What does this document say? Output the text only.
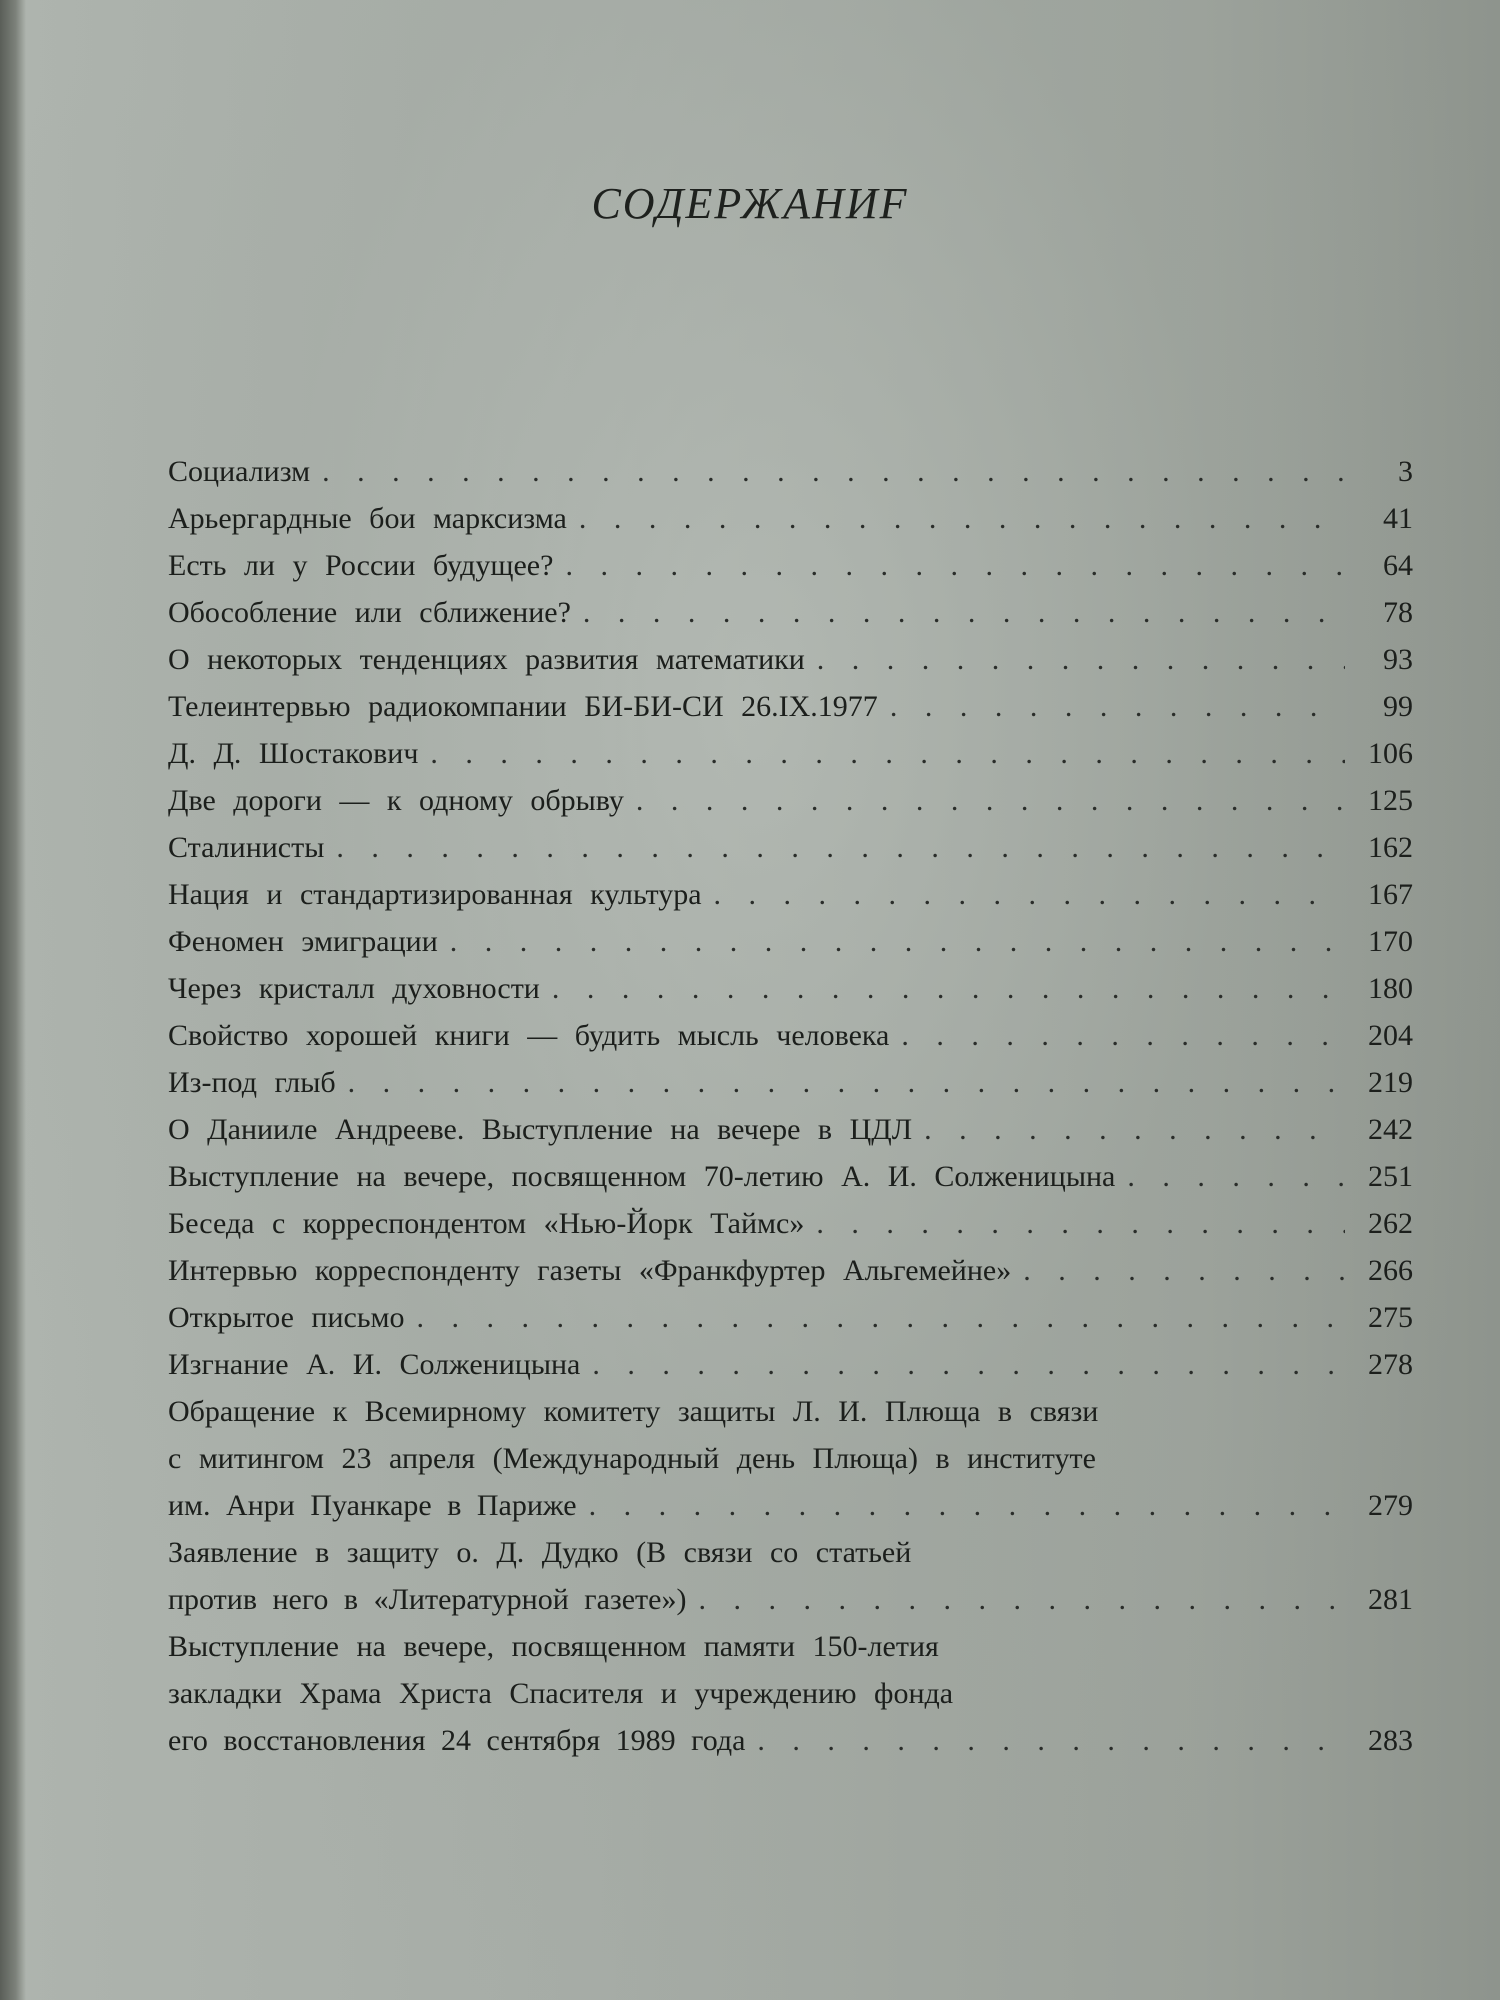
СОДЕРЖАНИF
Социализм . . .	3
Арьергардные бои марксизма . . .	41
Есть ли у России будущее? . . .	64
Обособление или сближение? . . .	78
О некоторых тенденциях развития математики . . .	93
Телеинтервью радиокомпании БИ-БИ-СИ 26.IX.1977 . . .	99
Д. Д. Шостакович . . .	106
Две дороги — к одному обрыву . . .	125
Сталинисты . . .	162
Нация и стандартизированная культура . . .	167
Феномен эмиграции . . .	170
Через кристалл духовности . . .	180
Свойство хорошей книги — будить мысль человека . . .	204
Из-под глыб . . .	219
О Данииле Андрееве. Выступление на вечере в ЦДЛ . . .	242
Выступление на вечере, посвященном 70-летию А. И. Солженицына . . .	251
Беседа с корреспондентом «Нью-Йорк Таймс» . . .	262
Интервью корреспонденту газеты «Франкфуртер Альгемейне» . . .	266
Открытое письмо . . .	275
Изгнание А. И. Солженицына . . .	278
Обращение к Всемирному комитету защиты Л. И. Плюща в связи
с митингом 23 апреля (Международный день Плюща) в институте
им. Анри Пуанкаре в Париже . . .	279
Заявление в защиту о. Д. Дудко (В связи со статьей
против него в «Литературной газете») . . .	281
Выступление на вечере, посвященном памяти 150-летия
закладки Храма Христа Спасителя и учреждению фонда
его восстановления 24 сентября 1989 года . . .	283
